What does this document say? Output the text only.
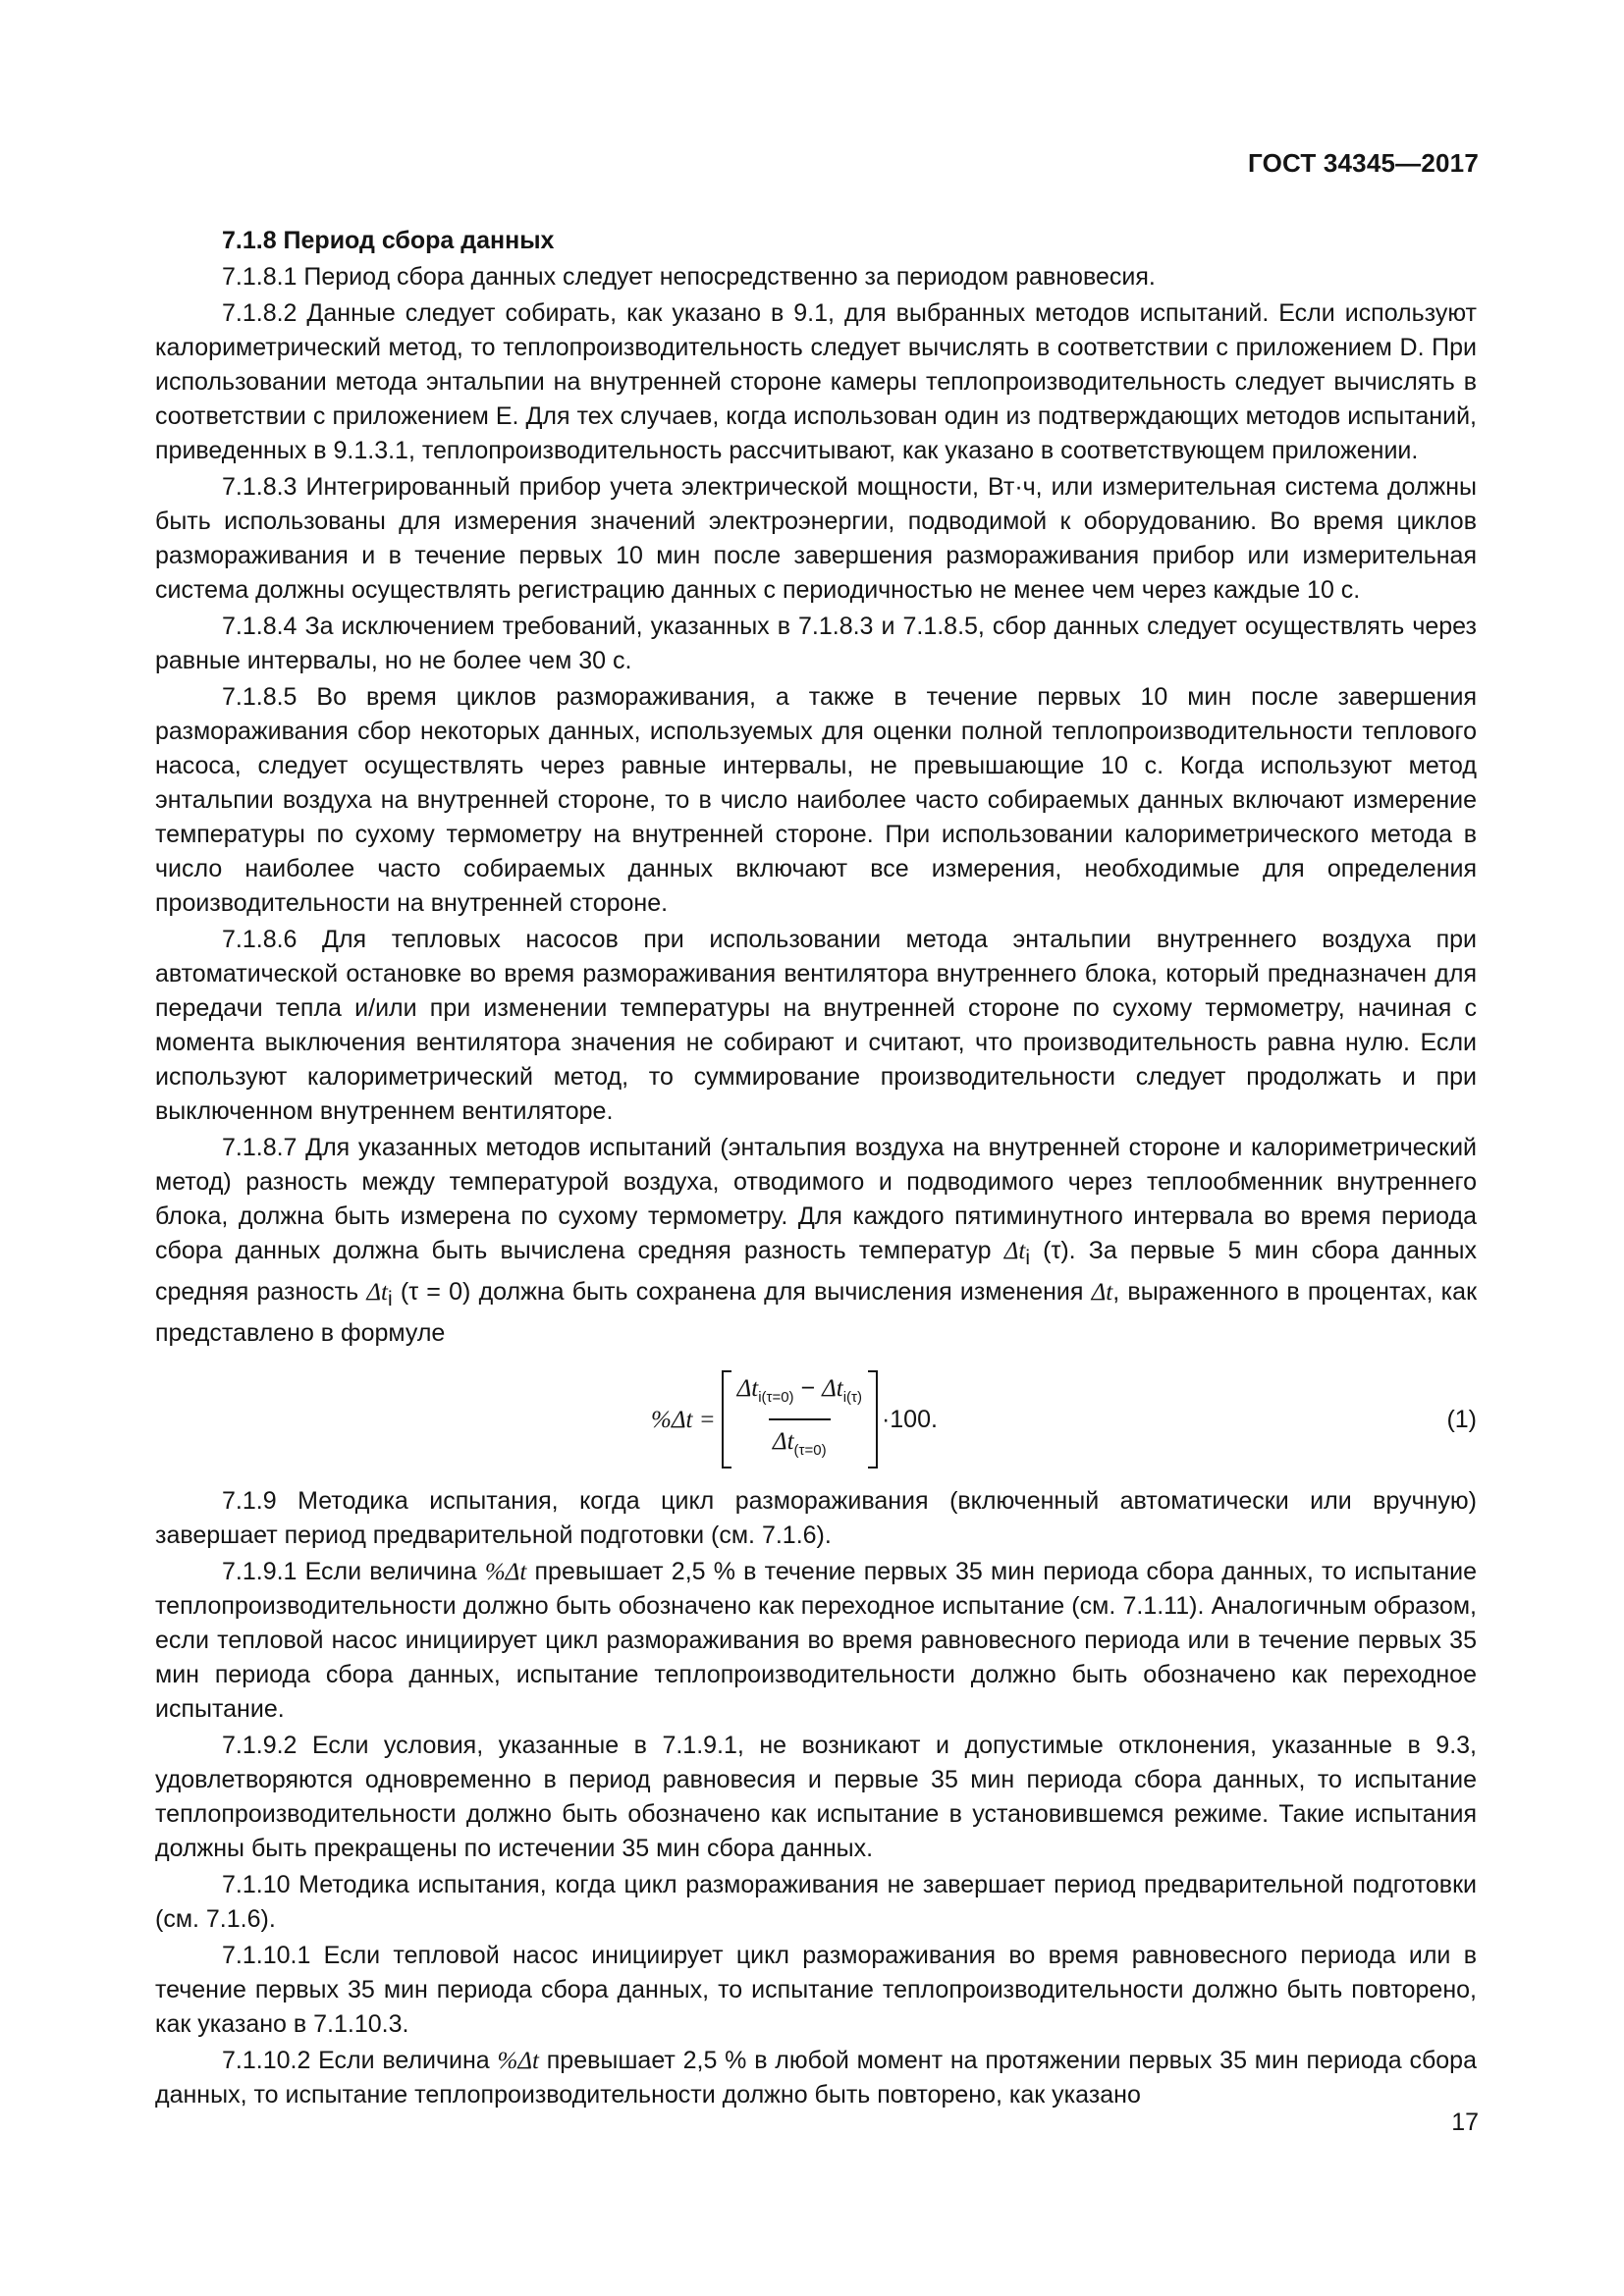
ГОСТ 34345—2017

7.1.8 Период сбора данных

7.1.8.1 Период сбора данных следует непосредственно за периодом равновесия.

7.1.8.2 Данные следует собирать, как указано в 9.1, для выбранных методов испытаний. Если используют калориметрический метод, то теплопроизводительность следует вычислять в соответствии с приложением D. При использовании метода энтальпии на внутренней стороне камеры теплопроизводительность следует вычислять в соответствии с приложением E. Для тех случаев, когда использован один из подтверждающих методов испытаний, приведенных в 9.1.3.1, теплопроизводительность рассчитывают, как указано в соответствующем приложении.

7.1.8.3 Интегрированный прибор учета электрической мощности, Вт·ч, или измерительная система должны быть использованы для измерения значений электроэнергии, подводимой к оборудованию. Во время циклов размораживания и в течение первых 10 мин после завершения размораживания прибор или измерительная система должны осуществлять регистрацию данных с периодичностью не менее чем через каждые 10 с.

7.1.8.4 За исключением требований, указанных в 7.1.8.3 и 7.1.8.5, сбор данных следует осуществлять через равные интервалы, но не более чем 30 с.

7.1.8.5 Во время циклов размораживания, а также в течение первых 10 мин после завершения размораживания сбор некоторых данных, используемых для оценки полной теплопроизводительности теплового насоса, следует осуществлять через равные интервалы, не превышающие 10 с. Когда используют метод энтальпии воздуха на внутренней стороне, то в число наиболее часто собираемых данных включают измерение температуры по сухому термометру на внутренней стороне. При использовании калориметрического метода в число наиболее часто собираемых данных включают все измерения, необходимые для определения производительности на внутренней стороне.

7.1.8.6 Для тепловых насосов при использовании метода энтальпии внутреннего воздуха при автоматической остановке во время размораживания вентилятора внутреннего блока, который предназначен для передачи тепла и/или при изменении температуры на внутренней стороне по сухому термометру, начиная с момента выключения вентилятора значения не собирают и считают, что производительность равна нулю. Если используют калориметрический метод, то суммирование производительности следует продолжать и при выключенном внутреннем вентиляторе.

7.1.8.7 Для указанных методов испытаний (энтальпия воздуха на внутренней стороне и калориметрический метод) разность между температурой воздуха, отводимого и подводимого через теплообменник внутреннего блока, должна быть измерена по сухому термометру. Для каждого пятиминутного интервала во время периода сбора данных должна быть вычислена средняя разность температур $\Delta t_i$ (τ). За первые 5 мин сбора данных средняя разность $\Delta t_i$ (τ = 0) должна быть сохранена для вычисления изменения Δt, выраженного в процентах, как представлено в формуле

$\%\Delta t = \frac{\Delta t_{i(\tau=0)} - \Delta t_{i(\tau)}}{\Delta t_{(\tau=0)}} \cdot 100$.	(1)

7.1.9 Методика испытания, когда цикл размораживания (включенный автоматически или вручную) завершает период предварительной подготовки (см. 7.1.6).

7.1.9.1 Если величина %Δt превышает 2,5 % в течение первых 35 мин периода сбора данных, то испытание теплопроизводительности должно быть обозначено как переходное испытание (см. 7.1.11). Аналогичным образом, если тепловой насос инициирует цикл размораживания во время равновесного периода или в течение первых 35 мин периода сбора данных, испытание теплопроизводительности должно быть обозначено как переходное испытание.

7.1.9.2 Если условия, указанные в 7.1.9.1, не возникают и допустимые отклонения, указанные в 9.3, удовлетворяются одновременно в период равновесия и первые 35 мин периода сбора данных, то испытание теплопроизводительности должно быть обозначено как испытание в установившемся режиме. Такие испытания должны быть прекращены по истечении 35 мин сбора данных.

7.1.10 Методика испытания, когда цикл размораживания не завершает период предварительной подготовки (см. 7.1.6).

7.1.10.1 Если тепловой насос инициирует цикл размораживания во время равновесного периода или в течение первых 35 мин периода сбора данных, то испытание теплопроизводительности должно быть повторено, как указано в 7.1.10.3.

7.1.10.2 Если величина %Δt превышает 2,5 % в любой момент на протяжении первых 35 мин периода сбора данных, то испытание теплопроизводительности должно быть повторено, как указано

17
